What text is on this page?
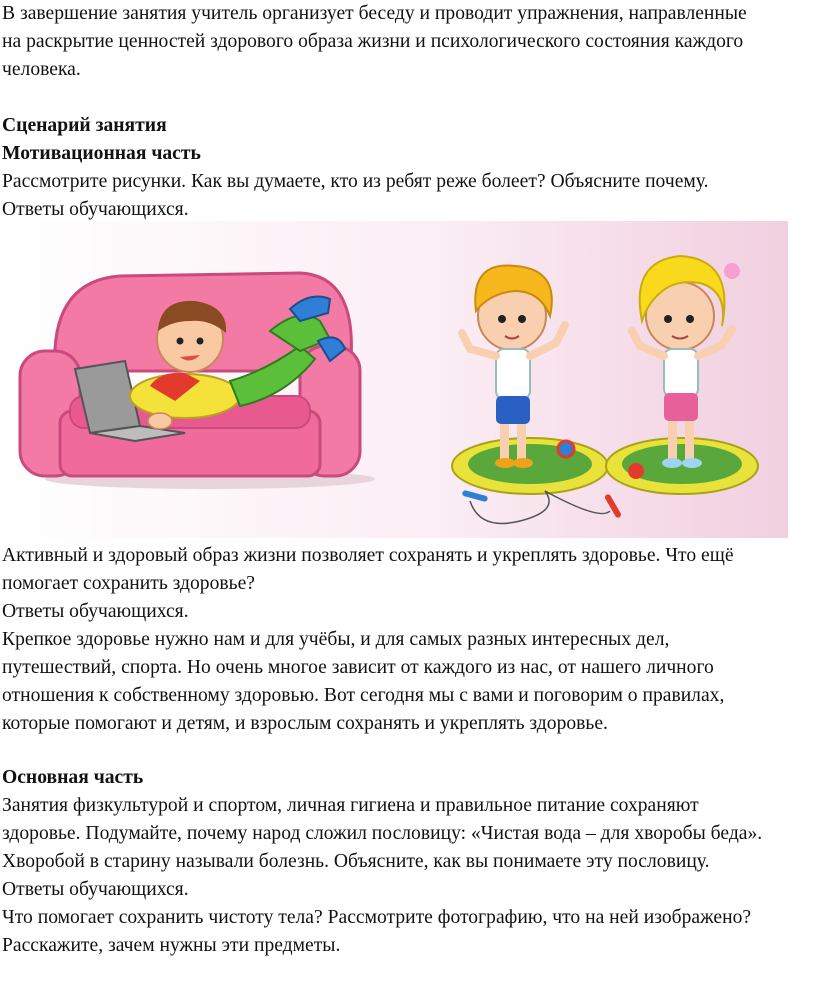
В завершение занятия учитель организует беседу и проводит упражнения, направленные
на раскрытие ценностей здорового образа жизни и психологического состояния каждого
человека.
Сценарий занятия
Мотивационная часть
Рассмотрите рисунки. Как вы думаете, кто из ребят реже болеет? Объясните почему.
Ответы обучающихся.
Активный и здоровый образ жизни позволяет сохранять и укреплять здоровье. Что ещё
помогает сохранить здоровье?
Ответы обучающихся.
Крепкое здоровье нужно нам и для учёбы, и для самых разных интересных дел,
путешествий, спорта. Но очень многое зависит от каждого из нас, от нашего личного
отношения к собственному здоровью. Вот сегодня мы с вами и поговорим о правилах,
которые помогают и детям, и взрослым сохранять и укреплять здоровье.
Основная часть
Занятия физкультурой и спортом, личная гигиена и правильное питание сохраняют
здоровье. Подумайте, почему народ сложил пословицу: «Чистая вода – для хворобы беда».
Хворобой в старину называли болезнь. Объясните, как вы понимаете эту пословицу.
Ответы обучающихся.
Что помогает сохранить чистоту тела? Рассмотрите фотографию, что на ней изображено?
Расскажите, зачем нужны эти предметы.
